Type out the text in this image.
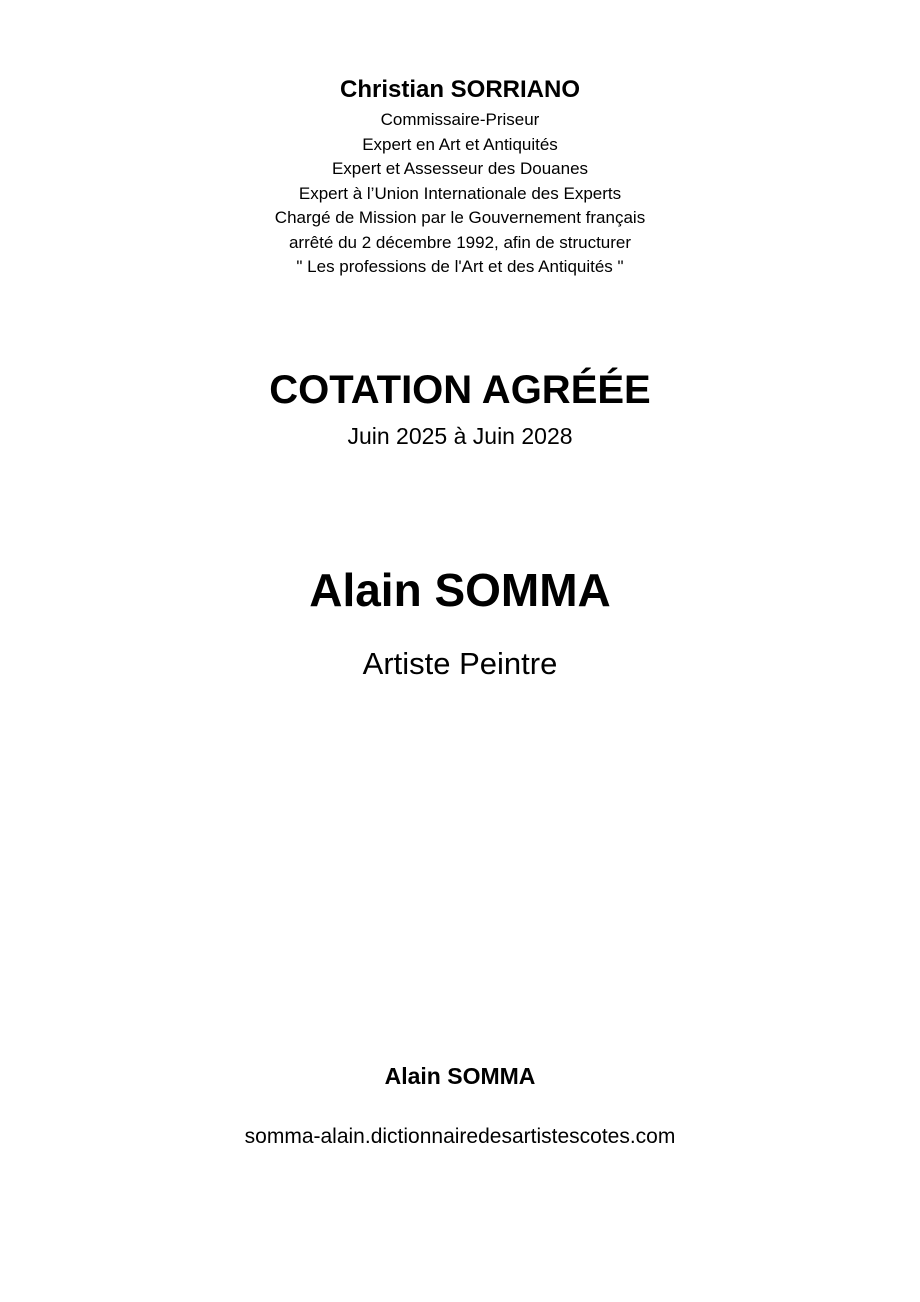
Christian SORRIANO
Commissaire-Priseur
Expert en Art et Antiquités
Expert et Assesseur des Douanes
Expert à l’Union Internationale des Experts
Chargé de Mission par le Gouvernement français
arrêté du 2 décembre 1992, afin de structurer
" Les professions de l'Art et des Antiquités "
COTATION AGRÉÉE
Juin 2025 à Juin 2028
Alain SOMMA
Artiste Peintre
Alain SOMMA
somma-alain.dictionnairedesartistescotes.com
